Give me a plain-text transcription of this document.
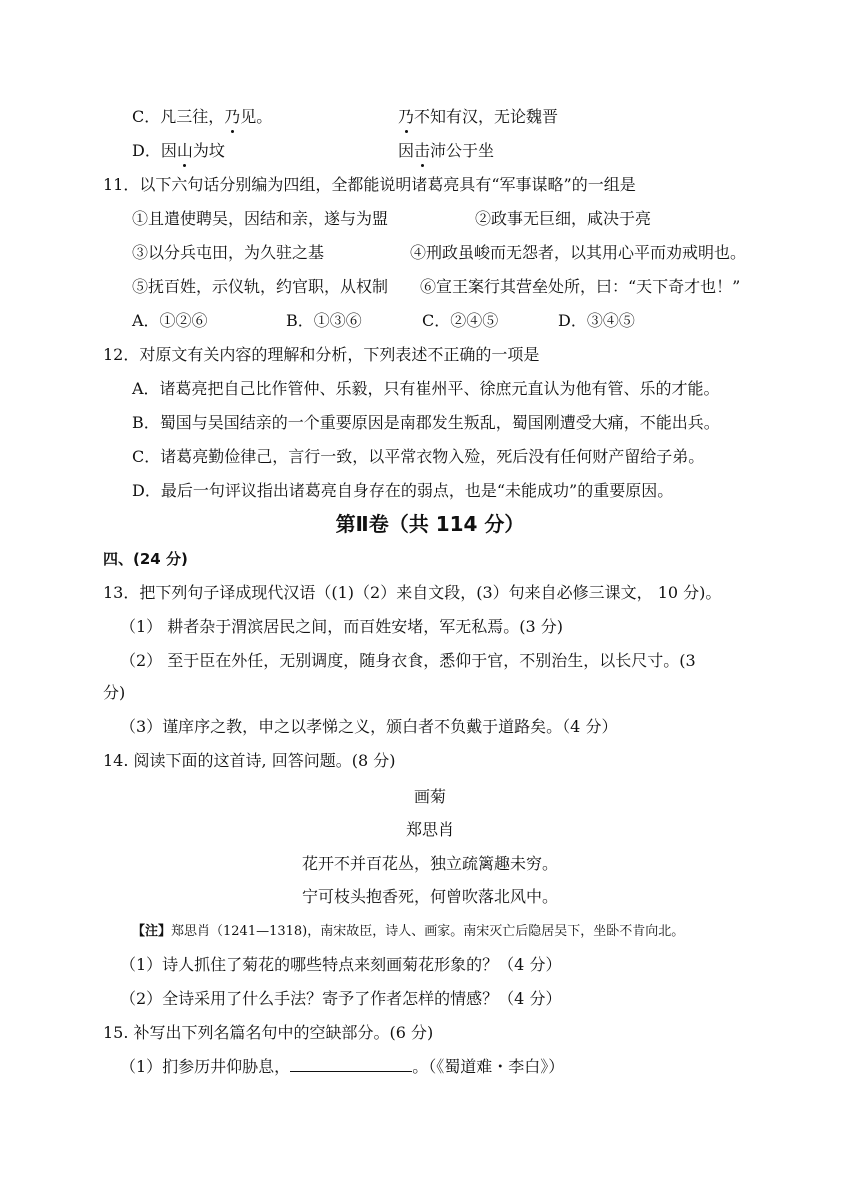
C．凡三往，乃见。	乃不知有汉，无论魏晋
D．因山为坟	因击沛公于坐
11．以下六句话分别编为四组，全都能说明诸葛亮具有“军事谋略”的一组是
①且遣使聘吴，因结和亲，遂与为盟	②政事无巨细，咸决于亮
③以分兵屯田，为久驻之基	④刑政虽峻而无怨者，以其用心平而劝戒明也。
⑤抚百姓，示仪轨，约官职，从权制 ⑥宣王案行其营垒处所，曰：“天下奇才也！”
A．①②⑥	B．①③⑥	C．②④⑤	D．③④⑤
12．对原文有关内容的理解和分析，下列表述不正确的一项是
A．诸葛亮把自己比作管仲、乐毅，只有崔州平、徐庶元直认为他有管、乐的才能。
B．蜀国与吴国结亲的一个重要原因是南郡发生叛乱，蜀国刚遭受大痛，不能出兵。
C．诸葛亮勤俭律己，言行一致，以平常衣物入殓，死后没有任何财产留给子弟。
D．最后一句评议指出诸葛亮自身存在的弱点，也是“未能成功”的重要原因。
第Ⅱ卷（共 114 分）
四、(24 分)
13．把下列句子译成现代汉语（(1)（2）来自文段，(3）句来自必修三课文， 10 分)。
（1） 耕者杂于渭滨居民之间，而百姓安堵，军无私焉。(3 分)
（2） 至于臣在外任，无别调度，随身衣食，悉仰于官，不别治生，以长尺寸。(3
分)
（3）谨庠序之教，申之以孝悌之义，颁白者不负戴于道路矣。（4 分）
14. 阅读下面的这首诗, 回答问题。(8 分)
画菊
郑思肖
花开不并百花丛，独立疏篱趣未穷。
宁可枝头抱香死，何曾吹落北风中。
【注】郑思肖（1241—1318)，南宋故臣，诗人、画家。南宋灭亡后隐居吴下，坐卧不肯向北。
（1）诗人抓住了菊花的哪些特点来刻画菊花形象的？（4 分）
（2）全诗采用了什么手法？寄予了作者怎样的情感？（4 分）
15. 补写出下列名篇名句中的空缺部分。(6 分)
（1）扪参历井仰胁息，	。（《蜀道难・李白》）
